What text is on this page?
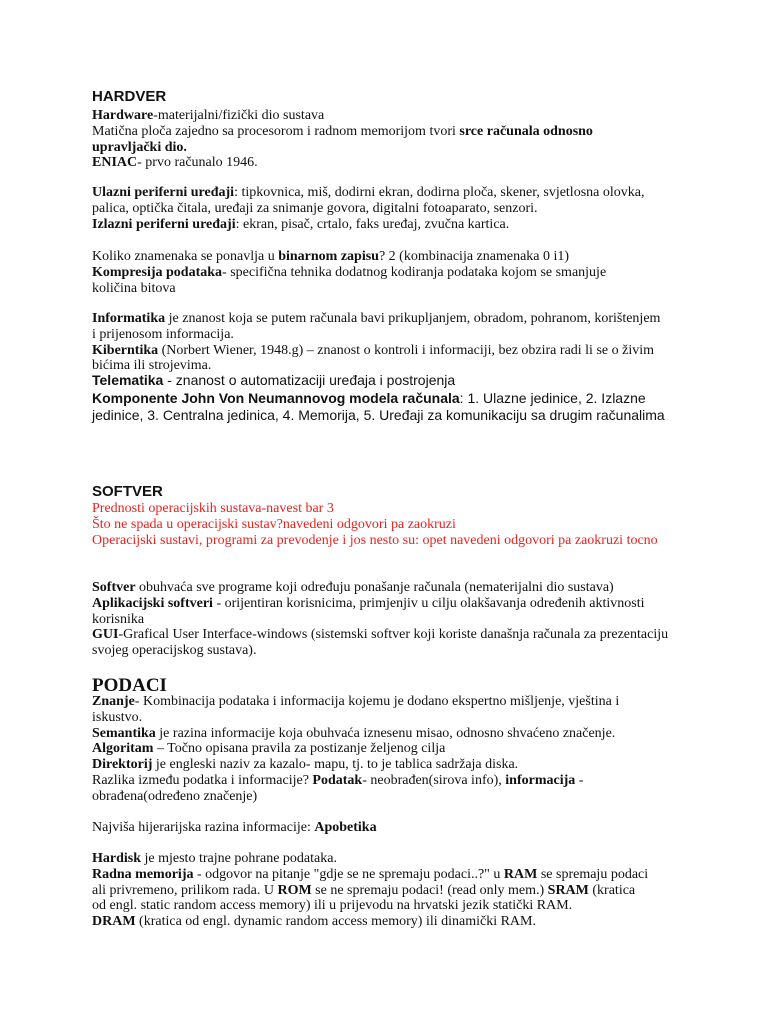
HARDVER
Hardware-materijalni/fizički dio sustava
Matična ploča zajedno sa procesorom i radnom memorijom tvori srce računala odnosno upravljački dio.
ENIAC- prvo računalo 1946.
Ulazni periferni uređaji: tipkovnica, miš, dodirni ekran, dodirna ploča, skener, svjetlosna olovka, palica, optička čitala, uređaji za snimanje govora, digitalni fotoaparato, senzori.
Izlazni periferni uređaji: ekran, pisač, crtalo, faks uređaj, zvučna kartica.
Koliko znamenaka se ponavlja u binarnom zapisu? 2 (kombinacija znamenaka 0 i1)
Kompresija podataka- specifična tehnika dodatnog kodiranja podataka kojom se smanjuje količina bitova
Informatika je znanost koja se putem računala bavi prikupljanjem, obradom, pohranom, korištenjem i prijenosom informacija.
Kiberntika (Norbert Wiener, 1948.g) – znanost o kontroli i informaciji, bez obzira radi li se o živim bićima ili strojevima.
Telematika - znanost o automatizaciji uređaja i postrojenja
Komponente John Von Neumannovog modela računala: 1. Ulazne jedinice, 2. Izlazne jedinice, 3. Centralna jedinica, 4. Memorija, 5. Uređaji za komunikaciju sa drugim računalima
SOFTVER
Prednosti operacijskih sustava-navest bar 3
Što ne spada u operacijski sustav?navedeni odgovori pa zaokruzi
Operacijski sustavi, programi za prevodenje i jos nesto su: opet navedeni odgovori pa zaokruzi tocno
Softver obuhvaća sve programe koji određuju ponašanje računala (nematerijalni dio sustava)
Aplikacijski softveri - orijentiran korisnicima, primjenjiv u cilju olakšavanja određenih aktivnosti korisnika
GUI-Grafical User Interface-windows (sistemski softver koji koriste današnja računala za prezentaciju svojeg operacijskog sustava).
PODACI
Znanje- Kombinacija podataka i informacija kojemu je dodano ekspertno mišljenje, vještina i iskustvo.
Semantika je razina informacije koja obuhvaća iznesenu misao, odnosno shvaćeno značenje.
Algoritam – Točno opisana pravila za postizanje željenog cilja
Direktorij je engleski naziv za kazalo- mapu, tj. to je tablica sadržaja diska.
Razlika između podatka i informacije? Podatak- neobrađen(sirova info), informacija - obrađena(određeno značenje)
Najviša hijerarijska razina informacije: Apobetika
Hardisk je mjesto trajne pohrane podataka.
Radna memorija - odgovor na pitanje "gdje se ne spremaju podaci..?" u RAM se spremaju podaci ali privremeno, prilikom rada. U ROM se ne spremaju podaci! (read only mem.) SRAM (kratica od engl. static random access memory) ili u prijevodu na hrvatski jezik statički RAM.
DRAM (kratica od engl. dynamic random access memory) ili dinamički RAM.
